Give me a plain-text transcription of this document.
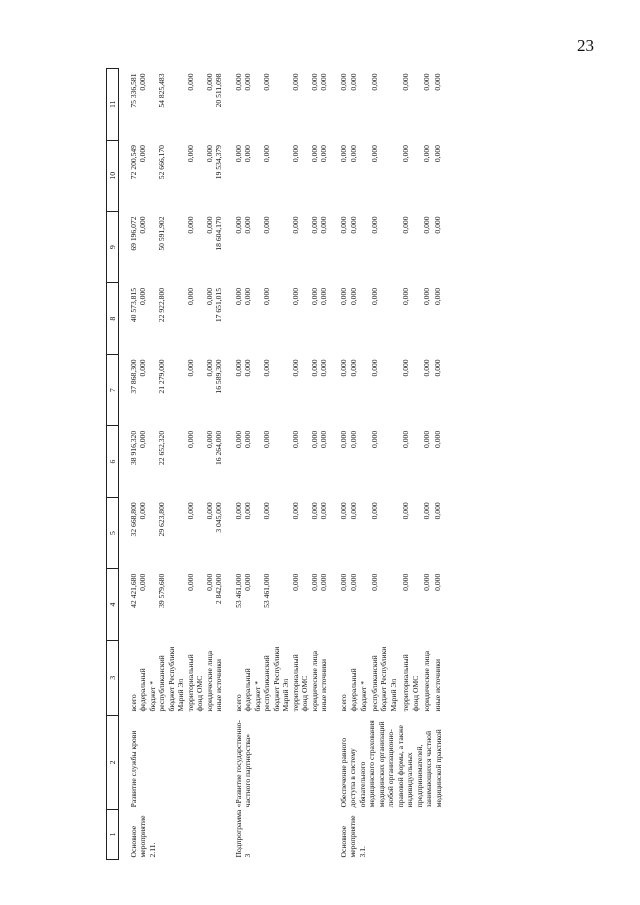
23
1	2	3	4	5	6	7	8	9	10	11

Основное мероприятие 2.11.	Развитие службы крови	всего	42 421,680	32 668,800	38 916,320	37 868,300	40 573,815	69 196,072	72 200,549	75 336,581
		федеральный бюджет *	0,000	0,000	0,000	0,000	0,000	0,000	0,000	0,000
		республиканский бюджет Республики Марий Эл	39 579,680	29 623,800	22 652,320	21 279,000	22 922,800	50 591,902	52 666,170	54 825,483
		территориальный фонд ОМС	0,000	0,000	0,000	0,000	0,000	0,000	0,000	0,000
		юридические лица	0,000	0,000	0,000	0,000	0,000	0,000	0,000	0,000
		иные источники	2 842,000	3 045,000	16 264,000	16 589,300	17 651,015	18 604,170	19 534,379	20 511,098

Подпрограмма 3	«Развитие государственно-частного партнерства»	всего	53 461,000	0,000	0,000	0,000	0,000	0,000	0,000	0,000
		федеральный бюджет *	0,000	0,000	0,000	0,000	0,000	0,000	0,000	0,000
		республиканский бюджет Республики Марий Эл	53 461,000	0,000	0,000	0,000	0,000	0,000	0,000	0,000
		территориальный фонд ОМС	0,000	0,000	0,000	0,000	0,000	0,000	0,000	0,000
		юридические лица	0,000	0,000	0,000	0,000	0,000	0,000	0,000	0,000
		иные источники	0,000	0,000	0,000	0,000	0,000	0,000	0,000	0,000

Основное мероприятие 3.1.	Обеспечение равного доступа в систему обязательного медицинского страхования медицинских организаций любой организационно-правовой формы, а также индивидуальных предпринимателей, занимающихся частной медицинской практикой	всего	0,000	0,000	0,000	0,000	0,000	0,000	0,000	0,000
		федеральный бюджет *	0,000	0,000	0,000	0,000	0,000	0,000	0,000	0,000
		республиканский бюджет Республики Марий Эл	0,000	0,000	0,000	0,000	0,000	0,000	0,000	0,000
		территориальный фонд ОМС	0,000	0,000	0,000	0,000	0,000	0,000	0,000	0,000
		юридические лица	0,000	0,000	0,000	0,000	0,000	0,000	0,000	0,000
		иные источники	0,000	0,000	0,000	0,000	0,000	0,000	0,000	0,000
